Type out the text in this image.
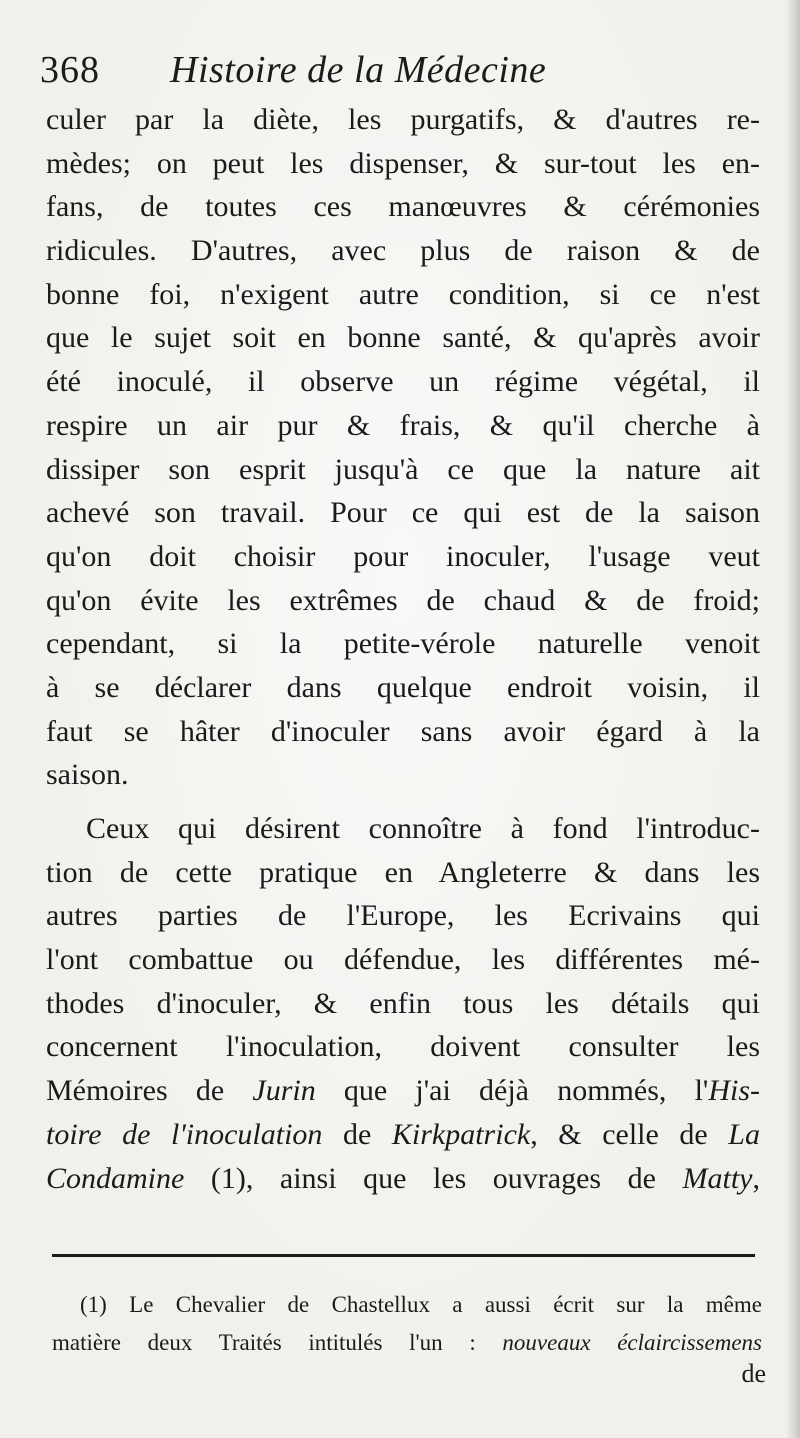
368 Histoire de la Médecine
culer par la diète, les purgatifs, & d'autres re-
mèdes; on peut les dispenser, & sur-tout les en-
fans, de toutes ces manœuvres & cérémonies
ridicules. D'autres, avec plus de raison & de
bonne foi, n'exigent autre condition, si ce n'est
que le sujet soit en bonne santé, & qu'après avoir
été inoculé, il observe un régime végétal, il
respire un air pur & frais, & qu'il cherche à
dissiper son esprit jusqu'à ce que la nature ait
achevé son travail. Pour ce qui est de la saison
qu'on doit choisir pour inoculer, l'usage veut
qu'on évite les extrêmes de chaud & de froid;
cependant, si la petite-vérole naturelle venoit
à se déclarer dans quelque endroit voisin, il
faut se hâter d'inoculer sans avoir égard à la
saison.
Ceux qui désirent connoître à fond l'introduc-
tion de cette pratique en Angleterre & dans les
autres parties de l'Europe, les Ecrivains qui
l'ont combattue ou défendue, les différentes mé-
thodes d'inoculer, & enfin tous les détails qui
concernent l'inoculation, doivent consulter les
Mémoires de Jurin que j'ai déjà nommés, l'His-
toire de l'inoculation de Kirkpatrick, & celle de La
Condamine (1), ainsi que les ouvrages de Matty,
(1) Le Chevalier de Chastellux a aussi écrit sur la même
matière deux Traités intitulés l'un : nouveaux éclaircissemens
de
